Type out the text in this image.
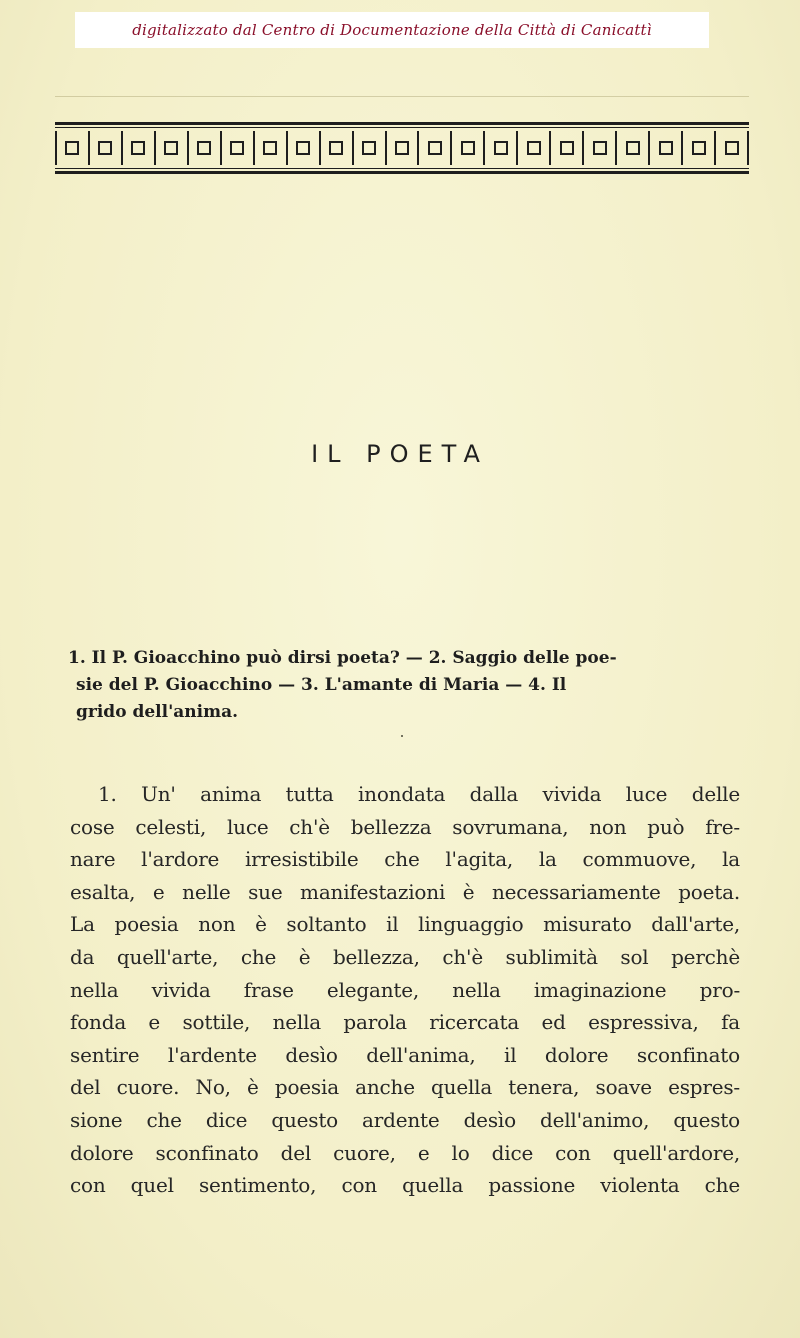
digitalizzato dal Centro di Documentazione della Città di Canicattì
IL POETA
1. Il P. Gioacchino può dirsi poeta? — 2. Saggio delle poe-
sie del P. Gioacchino — 3. L'amante di Maria — 4. Il
grido dell'anima.
1. Un' anima tutta inondata dalla vivida luce delle
cose celesti, luce ch'è bellezza sovrumana, non può fre-
nare l'ardore irresistibile che l'agita, la commuove, la
esalta, e nelle sue manifestazioni è necessariamente poeta.
La poesia non è soltanto il linguaggio misurato dall'arte,
da quell'arte, che è bellezza, ch'è sublimità sol perchè
nella vivida frase elegante, nella imaginazione pro-
fonda e sottile, nella parola ricercata ed espressiva, fa
sentire l'ardente desìo dell'anima, il dolore sconfinato
del cuore. No, è poesia anche quella tenera, soave espres-
sione che dice questo ardente desìo dell'animo, questo
dolore sconfinato del cuore, e lo dice con quell'ardore,
con quel sentimento, con quella passione violenta che
